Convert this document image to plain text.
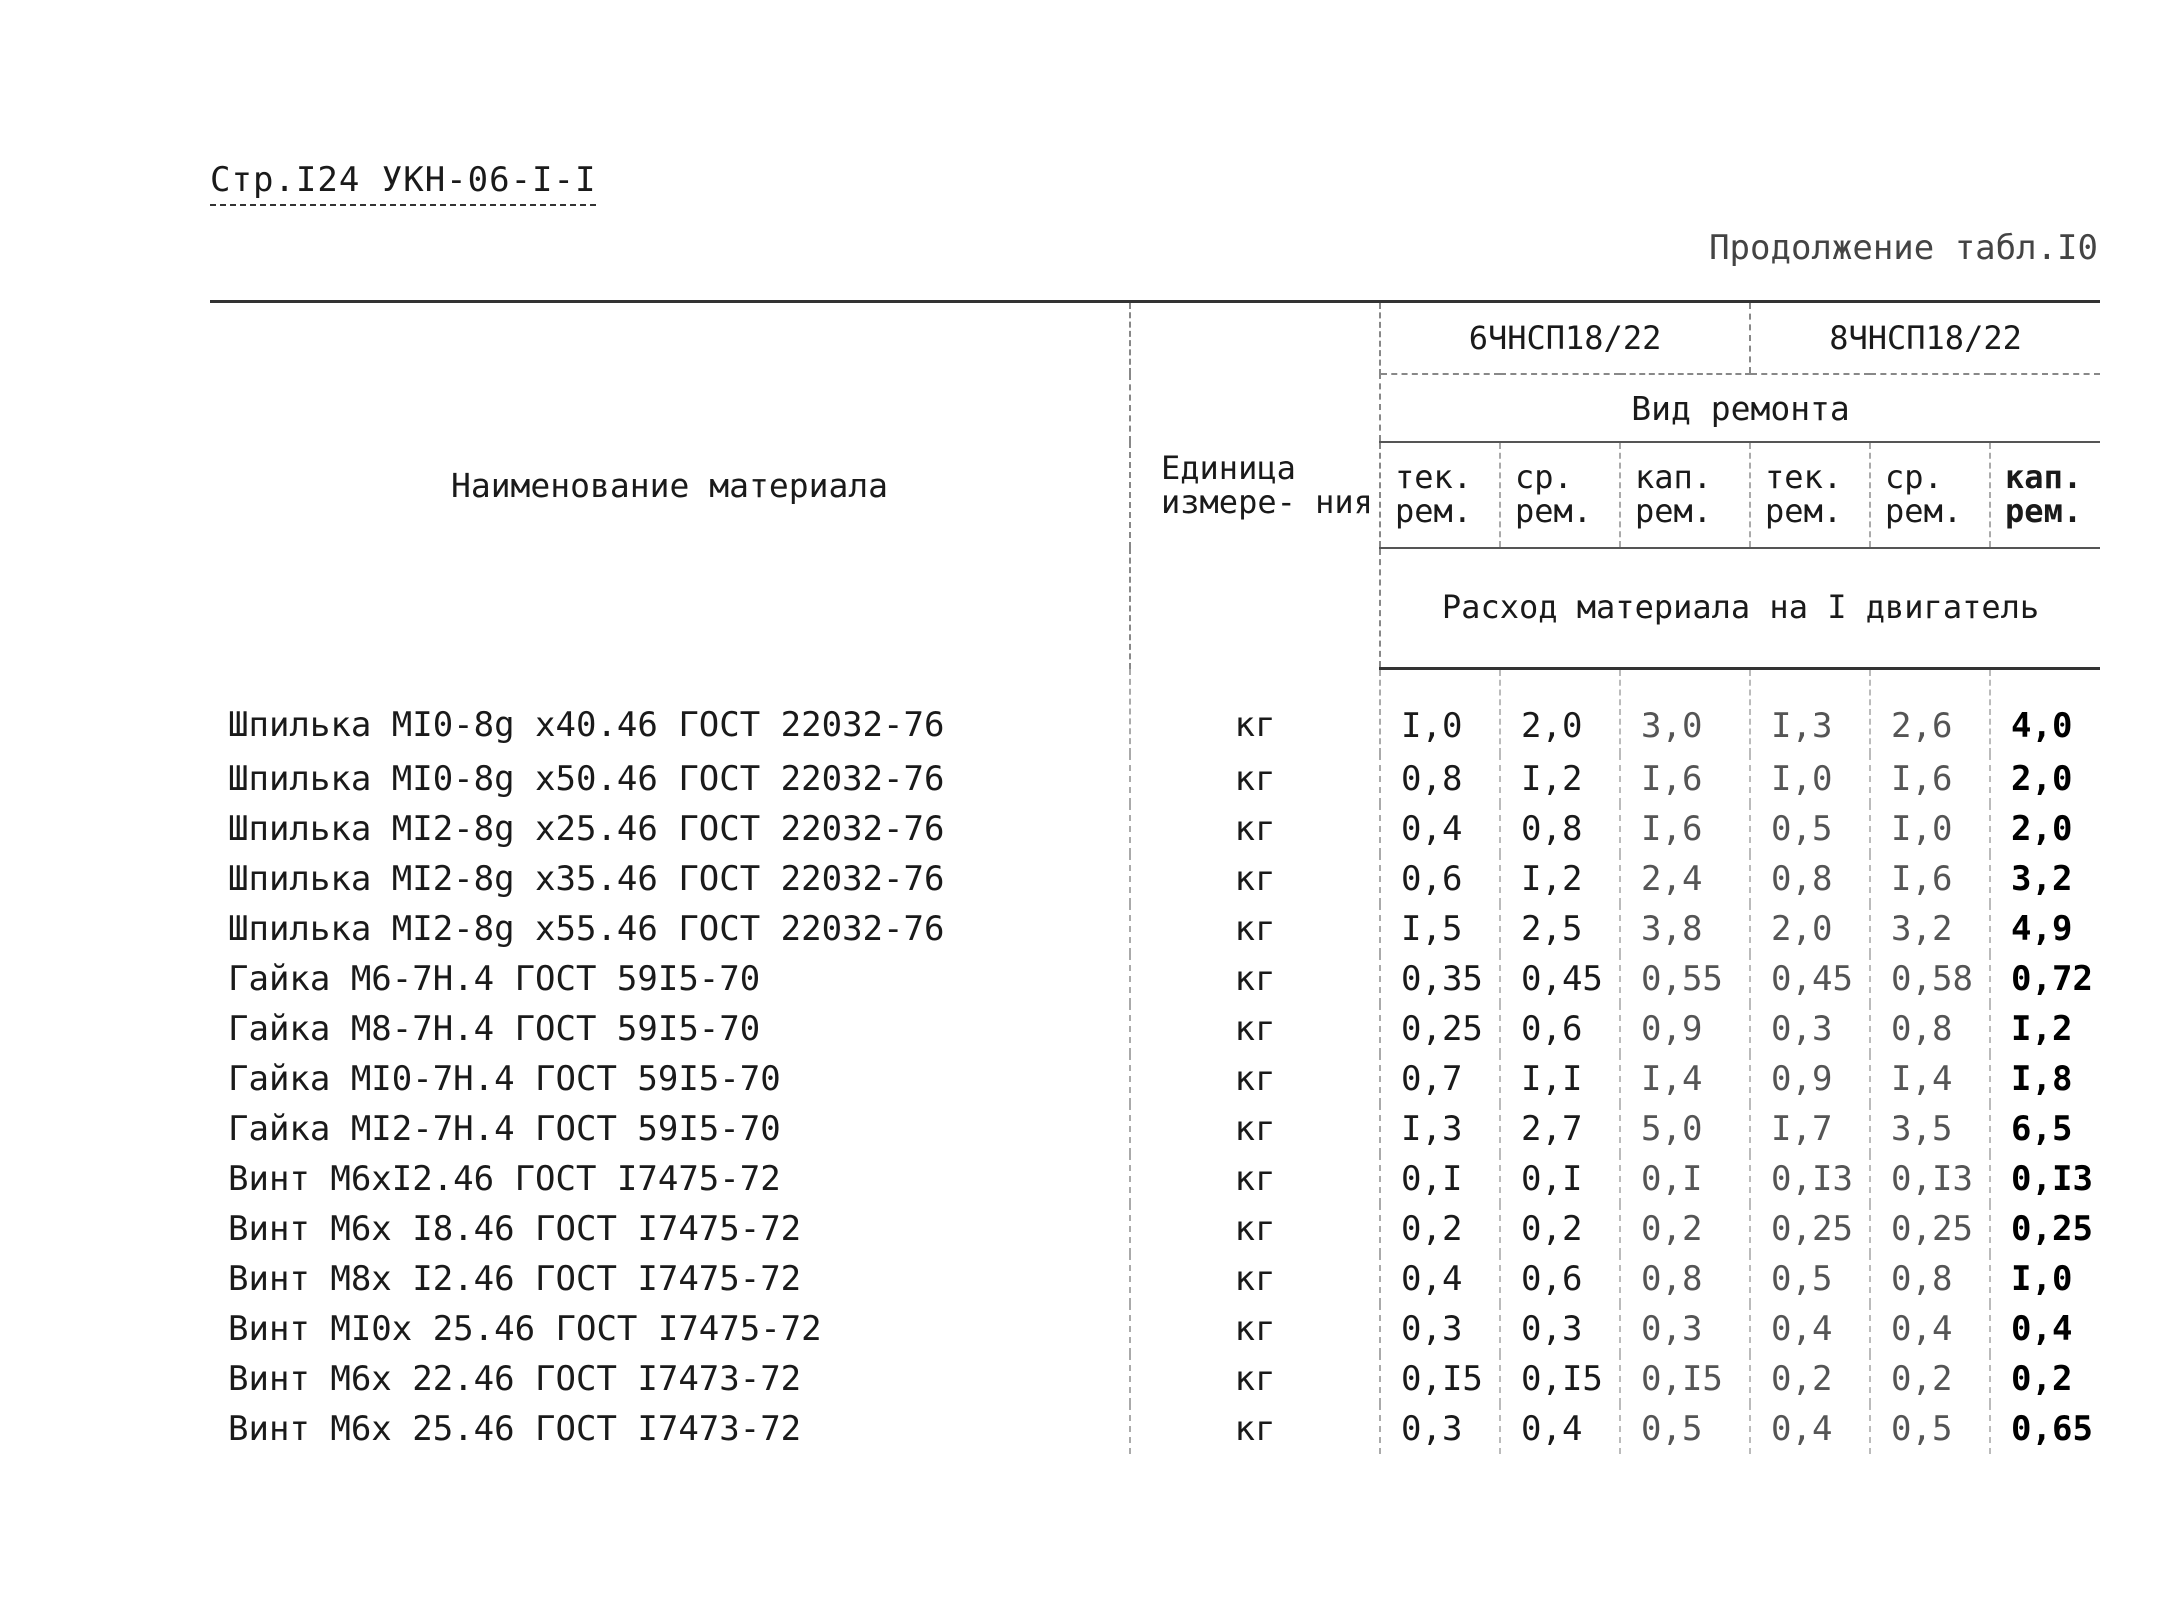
Стр.I24 УКН-06-I-I
Продолжение табл.I0
Наименование материала	Единица измере- ния	6ЧНСП18/22			8ЧНСП18/22		
		Вид ремонта					
		тек. рем.	ср. рем.	кап. рем.	тек. рем.	ср. рем.	кап. рем.
		Расход материала на I двигатель					
Шпилька МI0-8g x40.46 ГОСТ 22032-76	кг	I,0	2,0	3,0	I,3	2,6	4,0
Шпилька МI0-8g x50.46 ГОСТ 22032-76	кг	0,8	I,2	I,6	I,0	I,6	2,0
Шпилька МI2-8g x25.46 ГОСТ 22032-76	кг	0,4	0,8	I,6	0,5	I,0	2,0
Шпилька МI2-8g x35.46 ГОСТ 22032-76	кг	0,6	I,2	2,4	0,8	I,6	3,2
Шпилька МI2-8g x55.46 ГОСТ 22032-76	кг	I,5	2,5	3,8	2,0	3,2	4,9
Гайка М6-7Н.4 ГОСТ 59I5-70	кг	0,35	0,45	0,55	0,45	0,58	0,72
Гайка М8-7Н.4 ГОСТ 59I5-70	кг	0,25	0,6	0,9	0,3	0,8	I,2
Гайка МI0-7Н.4 ГОСТ 59I5-70	кг	0,7	I,I	I,4	0,9	I,4	I,8
Гайка МI2-7Н.4 ГОСТ 59I5-70	кг	I,3	2,7	5,0	I,7	3,5	6,5
Винт М6хI2.46 ГОСТ I7475-72	кг	0,I	0,I	0,I	0,I3	0,I3	0,I3
Винт М6х I8.46 ГОСТ I7475-72	кг	0,2	0,2	0,2	0,25	0,25	0,25
Винт М8х I2.46 ГОСТ I7475-72	кг	0,4	0,6	0,8	0,5	0,8	I,0
Винт МI0х 25.46 ГОСТ I7475-72	кг	0,3	0,3	0,3	0,4	0,4	0,4
Винт М6х 22.46 ГОСТ I7473-72	кг	0,I5	0,I5	0,I5	0,2	0,2	0,2
Винт М6х 25.46 ГОСТ I7473-72	кг	0,3	0,4	0,5	0,4	0,5	0,65
